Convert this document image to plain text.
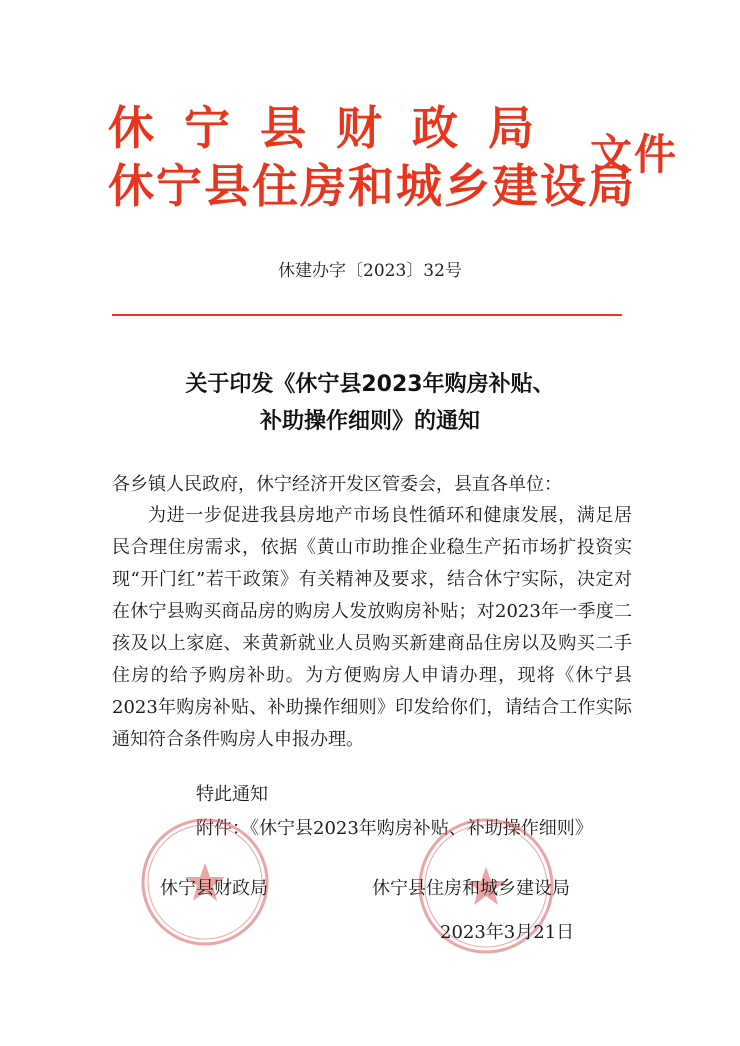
休宁县财政局
休宁县住房和城乡建设局
文件
休建办字〔2023〕32号
关于印发《休宁县2023年购房补贴、
补助操作细则》的通知
各乡镇人民政府，休宁经济开发区管委会，县直各单位：

为进一步促进我县房地产市场良性循环和健康发展，满足居民合理住房需求，依据《黄山市助推企业稳生产拓市场扩投资实现“开门红”若干政策》有关精神及要求，结合休宁实际，决定对在休宁县购买商品房的购房人发放购房补贴；对2023年一季度二孩及以上家庭、来黄新就业人员购买新建商品住房以及购买二手住房的给予购房补助。为方便购房人申请办理，现将《休宁县2023年购房补贴、补助操作细则》印发给你们，请结合工作实际通知符合条件购房人申报办理。

特此通知
附件：《休宁县2023年购房补贴、补助操作细则》
休宁县财政局	休宁县住房和城乡建设局
2023年3月21日
